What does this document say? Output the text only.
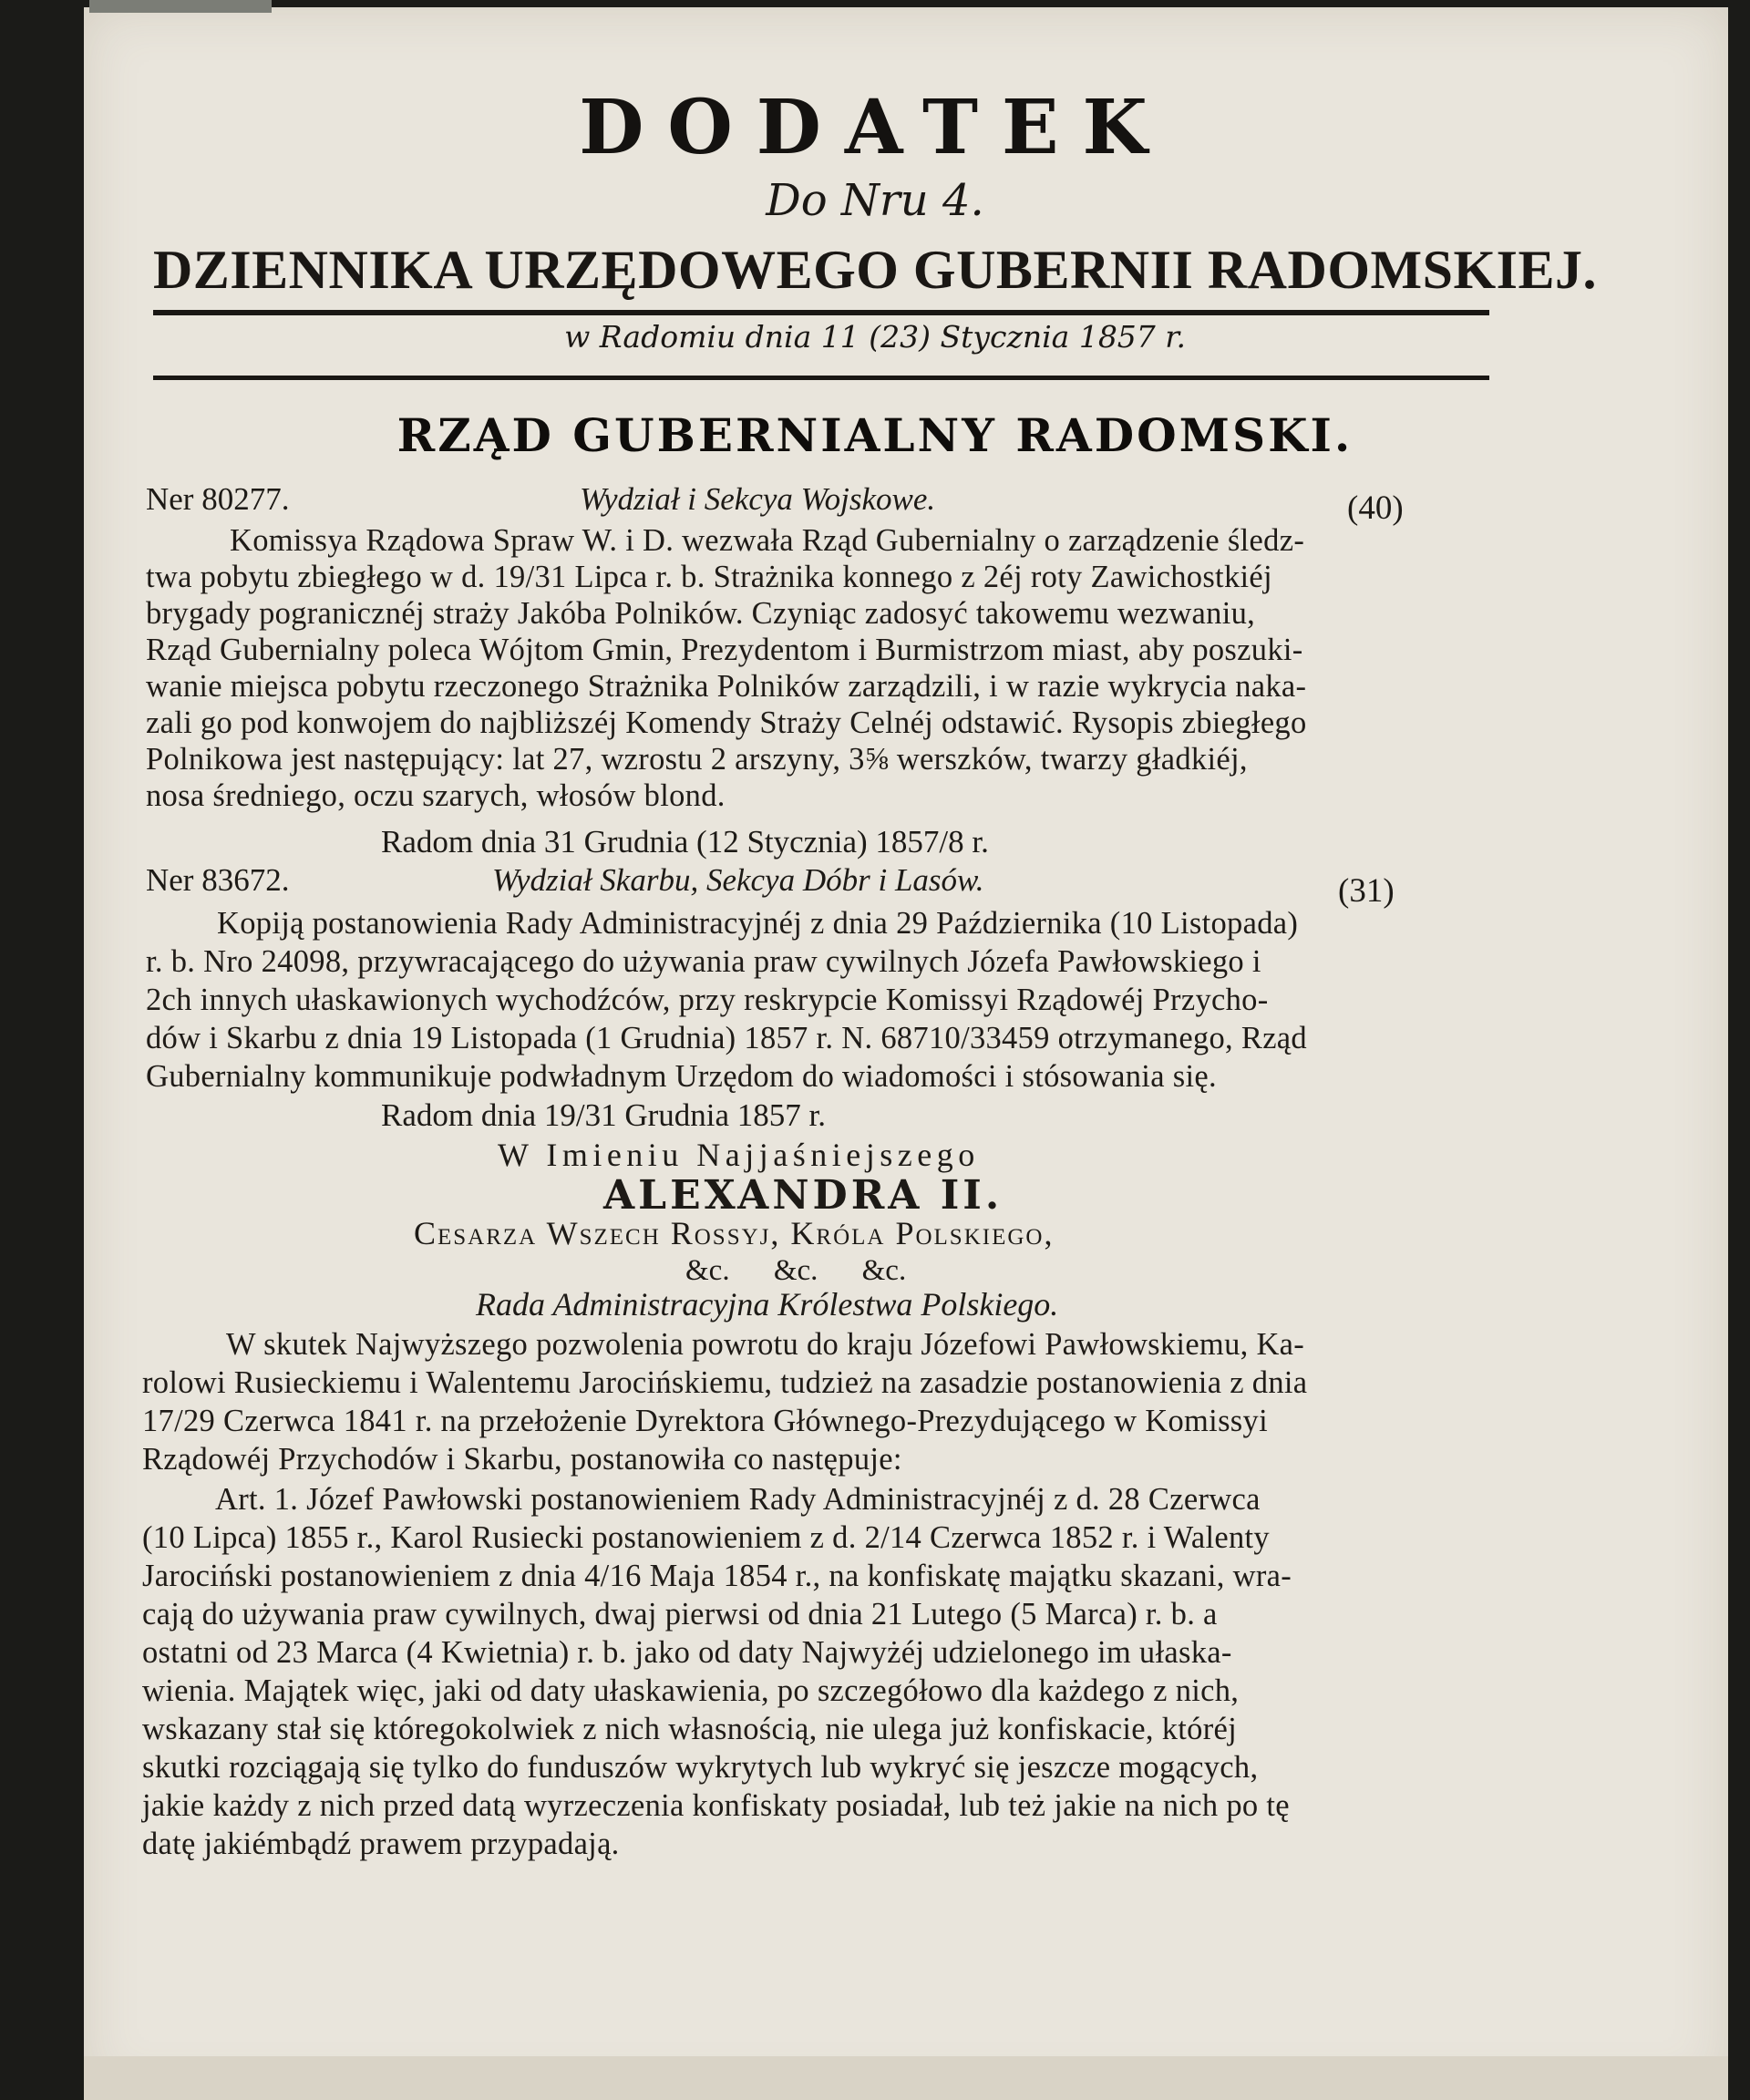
DODATEK
Do Nru 4.
DZIENNIKA URZĘDOWEGO GUBERNII RADOMSKIEJ.
w Radomiu dnia 11 (23) Stycznia 1857 r.
RZĄD GUBERNIALNY RADOMSKI.
Ner 80277.	Wydział i Sekcya Wojskowe.	(40)
Komissya Rządowa Spraw W. i D. wezwała Rząd Gubernialny o zarządzenie śledz-
twa pobytu zbiegłego w d. 19/31 Lipca r. b. Strażnika konnego z 2éj roty Zawichostkiéj
brygady pogranicznéj straży Jakóba Polników. Czyniąc zadosyć takowemu wezwaniu,
Rząd Gubernialny poleca Wójtom Gmin, Prezydentom i Burmistrzom miast, aby poszuki-
wanie miejsca pobytu rzeczonego Strażnika Polników zarządzili, i w razie wykrycia naka-
zali go pod konwojem do najbliższéj Komendy Straży Celnéj odstawić. Rysopis zbiegłego
Polnikowa jest następujący: lat 27, wzrostu 2 arszyny, 3⅝ werszków, twarzy gładkiéj,
nosa średniego, oczu szarych, włosów blond.
Radom dnia 31 Grudnia (12 Stycznia) 1857/8 r.
Ner 83672.	Wydział Skarbu, Sekcya Dóbr i Lasów.	(31)
Kopiją postanowienia Rady Administracyjnéj z dnia 29 Października (10 Listopada)
r. b. Nro 24098, przywracającego do używania praw cywilnych Józefa Pawłowskiego i
2ch innych ułaskawionych wychodźców, przy reskrypcie Komissyi Rządowéj Przycho-
dów i Skarbu z dnia 19 Listopada (1 Grudnia) 1857 r. N. 68710/33459 otrzymanego, Rząd
Gubernialny kommunikuje podwładnym Urzędom do wiadomości i stósowania się.
Radom dnia 19/31 Grudnia 1857 r.
W Imieniu Najjaśniejszego
ALEXANDRA II.
Cesarza Wszech Rossyj, Króla Polskiego,
&c. &c. &c.
Rada Administracyjna Królestwa Polskiego.
W skutek Najwyższego pozwolenia powrotu do kraju Józefowi Pawłowskiemu, Ka-
rolowi Rusieckiemu i Walentemu Jarocińskiemu, tudzież na zasadzie postanowienia z dnia
17/29 Czerwca 1841 r. na przełożenie Dyrektora Głównego-Prezydującego w Komissyi
Rządowéj Przychodów i Skarbu, postanowiła co następuje:
Art. 1. Józef Pawłowski postanowieniem Rady Administracyjnéj z d. 28 Czerwca
(10 Lipca) 1855 r., Karol Rusiecki postanowieniem z d. 2/14 Czerwca 1852 r. i Walenty
Jarociński postanowieniem z dnia 4/16 Maja 1854 r., na konfiskatę majątku skazani, wra-
cają do używania praw cywilnych, dwaj pierwsi od dnia 21 Lutego (5 Marca) r. b. a
ostatni od 23 Marca (4 Kwietnia) r. b. jako od daty Najwyżéj udzielonego im ułaska-
wienia. Majątek więc, jaki od daty ułaskawienia, po szczegółowo dla każdego z nich,
wskazany stał się któregokolwiek z nich własnością, nie ulega już konfiskacie, któréj
skutki rozciągają się tylko do funduszów wykrytych lub wykryć się jeszcze mogących,
jakie każdy z nich przed datą wyrzeczenia konfiskaty posiadał, lub też jakie na nich po tę
datę jakiémbądź prawem przypadają.
